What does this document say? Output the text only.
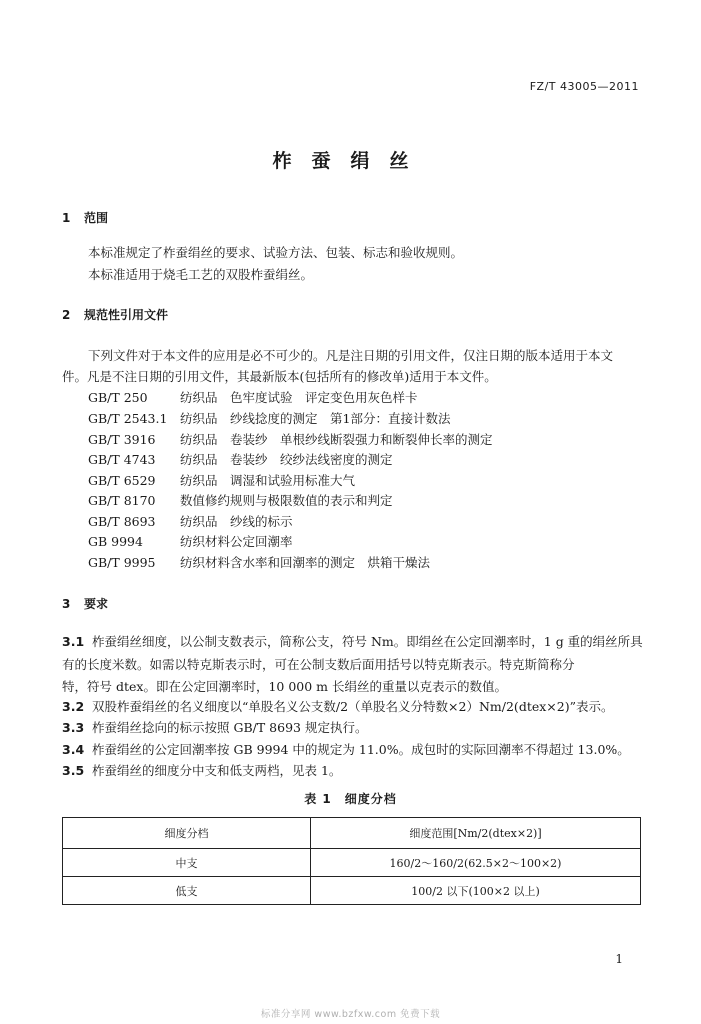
FZ/T 43005—2011
柞蚕绢丝
1 范围
本标准规定了柞蚕绢丝的要求、试验方法、包装、标志和验收规则。
本标准适用于烧毛工艺的双股柞蚕绢丝。
2 规范性引用文件
下列文件对于本文件的应用是必不可少的。凡是注日期的引用文件，仅注日期的版本适用于本文
件。凡是不注日期的引用文件，其最新版本(包括所有的修改单)适用于本文件。
GB/T 250	纺织品　色牢度试验　评定变色用灰色样卡
GB/T 2543.1 纺织品　纱线捻度的测定　第1部分：直接计数法
GB/T 3916 纺织品　卷装纱　单根纱线断裂强力和断裂伸长率的测定
GB/T 4743 纺织品　卷装纱　绞纱法线密度的测定
GB/T 6529 纺织品　调湿和试验用标准大气
GB/T 8170 数值修约规则与极限数值的表示和判定
GB/T 8693 纺织品　纱线的标示
GB 9994	纺织材料公定回潮率
GB/T 9995 纺织材料含水率和回潮率的测定　烘箱干燥法
3 要求
3.1 柞蚕绢丝细度，以公制支数表示，简称公支，符号 Nm。即绢丝在公定回潮率时，1 g 重的绢丝所具
有的长度米数。如需以特克斯表示时，可在公制支数后面用括号以特克斯表示。特克斯简称分
特，符号 dtex。即在公定回潮率时，10 000 m 长绢丝的重量以克表示的数值。
3.2 双股柞蚕绢丝的名义细度以“单股名义公支数/2（单股名义分特数×2）Nm/2(dtex×2)”表示。
3.3 柞蚕绢丝捻向的标示按照 GB/T 8693 规定执行。
3.4 柞蚕绢丝的公定回潮率按 GB 9994 中的规定为 11.0%。成包时的实际回潮率不得超过 13.0%。
3.5 柞蚕绢丝的细度分中支和低支两档，见表 1。
表 1　细度分档
细度分档	细度范围[Nm/2(dtex×2)]
中支	160/2～160/2(62.5×2～100×2)
低支	100/2 以下(100×2 以上)
1
标准分享网 www.bzfxw.com 免费下载
